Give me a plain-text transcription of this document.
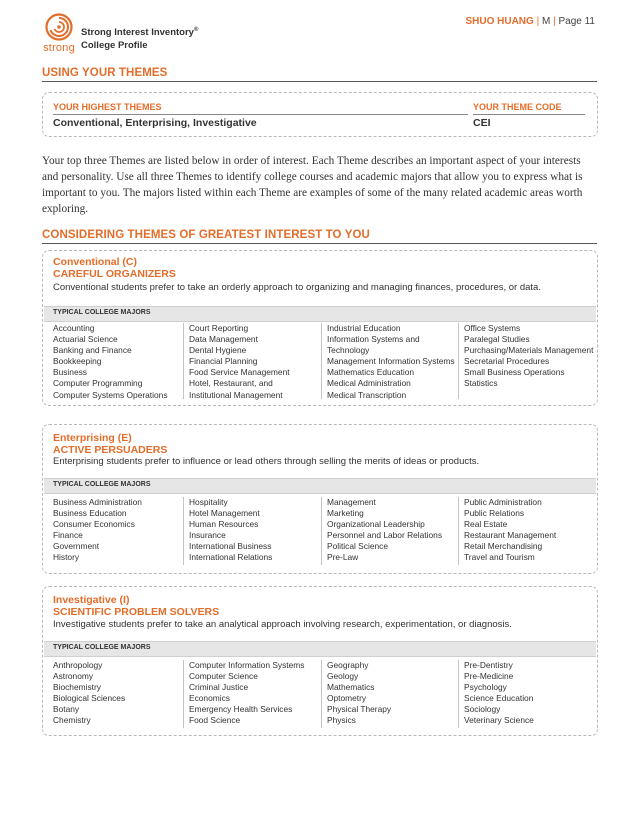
strong
Strong Interest Inventory®
College Profile
SHUO HUANG | M | Page 11
USING YOUR THEMES
YOUR HIGHEST THEMES
Conventional, Enterprising, Investigative
YOUR THEME CODE
CEI
Your top three Themes are listed below in order of interest. Each Theme describes an important aspect of your interests and personality. Use all three Themes to identify college courses and academic majors that allow you to express what is important to you. The majors listed within each Theme are examples of some of the many related academic areas worth exploring.
CONSIDERING THEMES OF GREATEST INTEREST TO YOU
Conventional (C)
CAREFUL ORGANIZERS
Conventional students prefer to take an orderly approach to organizing and managing finances, procedures, or data.
TYPICAL COLLEGE MAJORS
Accounting
Actuarial Science
Banking and Finance
Bookkeeping
Business
Computer Programming
Computer Systems Operations
Court Reporting
Data Management
Dental Hygiene
Financial Planning
Food Service Management
Hotel, Restaurant, and Institutional Management
Industrial Education
Information Systems and Technology
Management Information Systems
Mathematics Education
Medical Administration
Medical Transcription
Office Systems
Paralegal Studies
Purchasing/Materials Management
Secretarial Procedures
Small Business Operations
Statistics
Enterprising (E)
ACTIVE PERSUADERS
Enterprising students prefer to influence or lead others through selling the merits of ideas or products.
TYPICAL COLLEGE MAJORS
Business Administration
Business Education
Consumer Economics
Finance
Government
History
Hospitality
Hotel Management
Human Resources
Insurance
International Business
International Relations
Management
Marketing
Organizational Leadership
Personnel and Labor Relations
Political Science
Pre-Law
Public Administration
Public Relations
Real Estate
Restaurant Management
Retail Merchandising
Travel and Tourism
Investigative (I)
SCIENTIFIC PROBLEM SOLVERS
Investigative students prefer to take an analytical approach involving research, experimentation, or diagnosis.
TYPICAL COLLEGE MAJORS
Anthropology
Astronomy
Biochemistry
Biological Sciences
Botany
Chemistry
Computer Information Systems
Computer Science
Criminal Justice
Economics
Emergency Health Services
Food Science
Geography
Geology
Mathematics
Optometry
Physical Therapy
Physics
Pre-Dentistry
Pre-Medicine
Psychology
Science Education
Sociology
Veterinary Science
